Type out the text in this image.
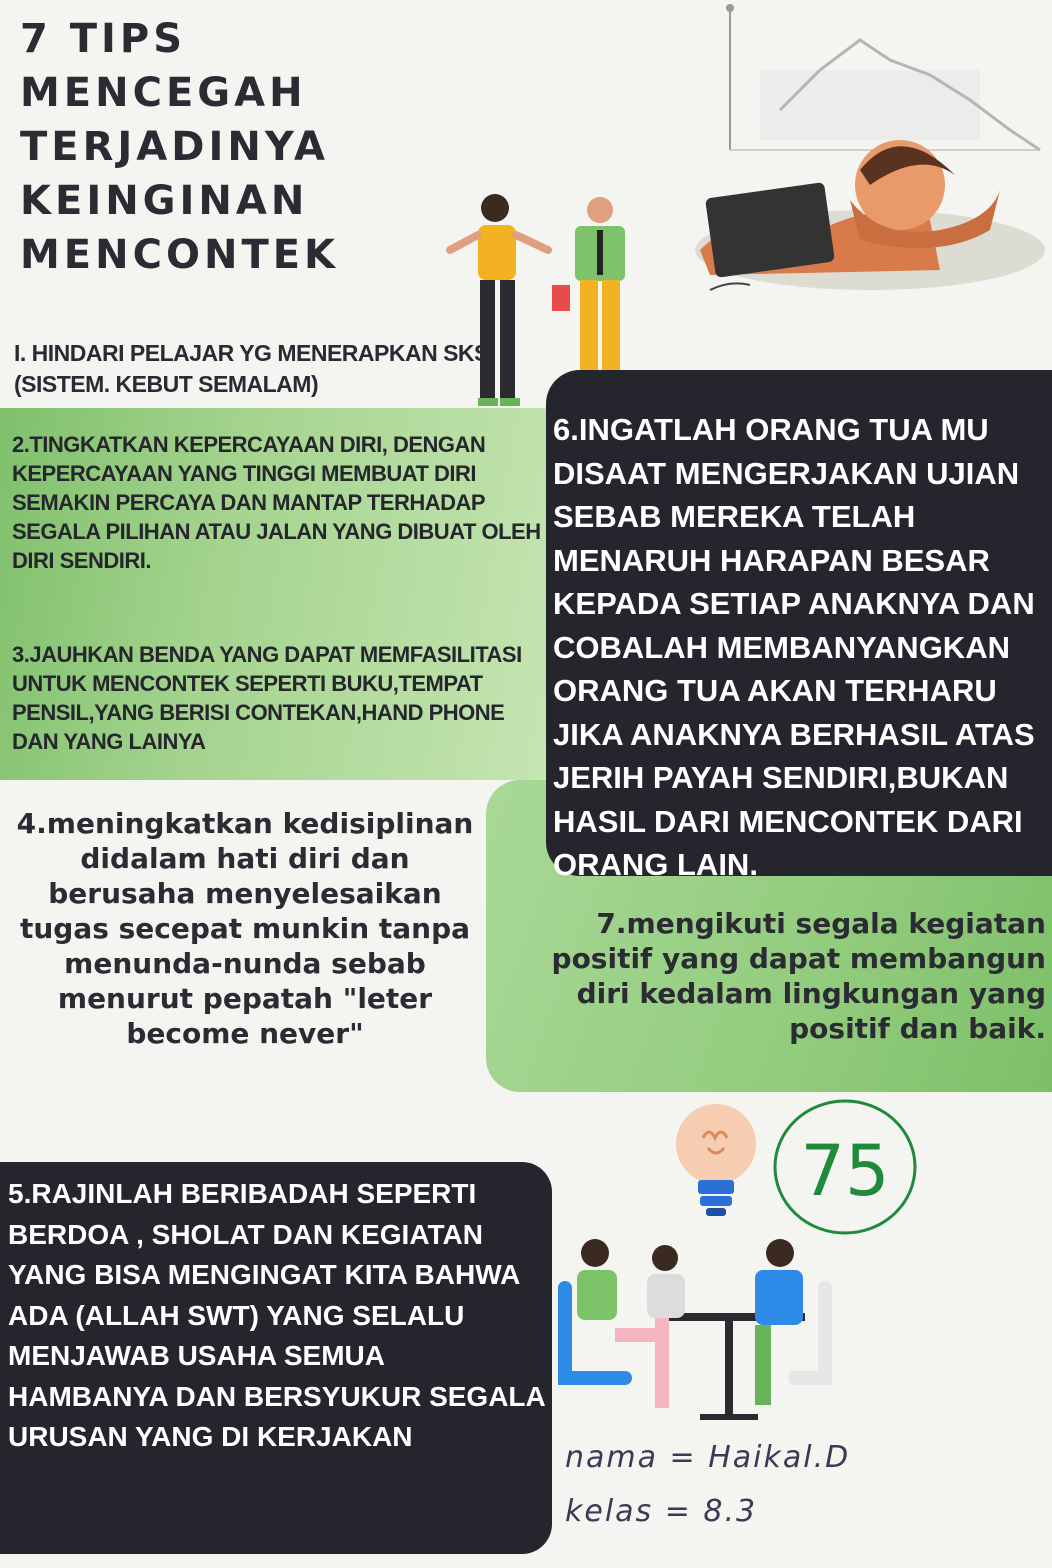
7 TIPS MENCEGAH
TERJADINYA
KEINGINAN
MENCONTEK
I. HINDARI PELAJAR YG MENERAPKAN SKS (SISTEM. KEBUT SEMALAM)
2.TINGKATKAN KEPERCAYAAN DIRI, DENGAN KEPERCAYAAN YANG TINGGI MEMBUAT DIRI SEMAKIN PERCAYA DAN MANTAP TERHADAP SEGALA PILIHAN ATAU JALAN YANG DIBUAT OLEH DIRI SENDIRI.
3.JAUHKAN BENDA YANG DAPAT MEMFASILITASI UNTUK MENCONTEK SEPERTI BUKU,TEMPAT PENSIL,YANG BERISI CONTEKAN,HAND PHONE DAN YANG LAINYA
6.INGATLAH ORANG TUA MU DISAAT MENGERJAKAN UJIAN SEBAB MEREKA TELAH MENARUH HARAPAN BESAR KEPADA SETIAP ANAKNYA DAN COBALAH MEMBANYANGKAN ORANG TUA AKAN TERHARU JIKA ANAKNYA BERHASIL ATAS JERIH PAYAH SENDIRI,BUKAN HASIL DARI MENCONTEK DARI ORANG LAIN.
4.meningkatkan kedisiplinan didalam hati diri dan berusaha menyelesaikan tugas secepat munkin tanpa menunda-nunda sebab menurut pepatah "leter become never"
7.mengikuti segala kegiatan positif yang dapat membangun diri kedalam lingkungan yang positif dan baik.
75
5.RAJINLAH BERIBADAH SEPERTI BERDOA , SHOLAT DAN KEGIATAN YANG BISA MENGINGAT KITA BAHWA ADA (ALLAH SWT) YANG SELALU MENJAWAB USAHA SEMUA HAMBANYA DAN BERSYUKUR SEGALA URUSAN YANG DI KERJAKAN
nama = Haikal.D
kelas = 8.3
